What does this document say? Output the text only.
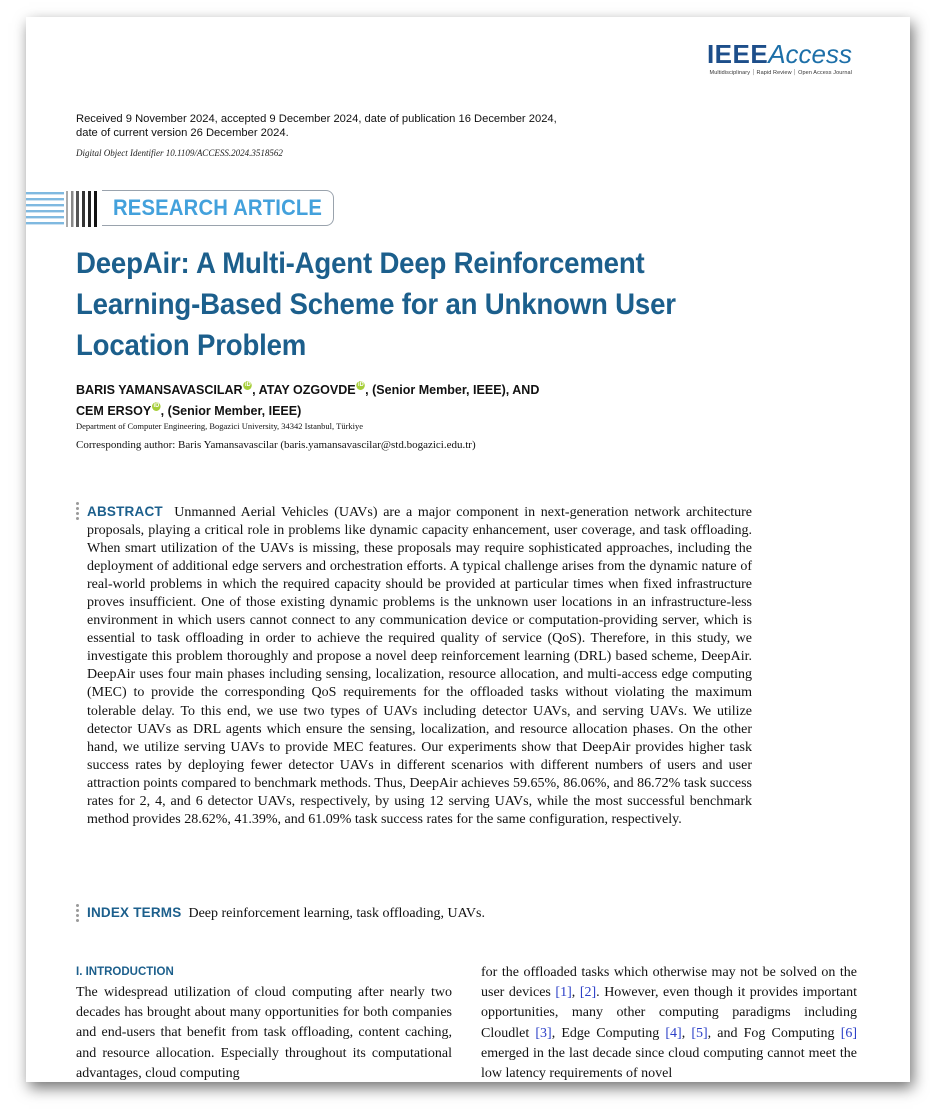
IEEEAccess
Multidisciplinary ⏐ Rapid Review ⏐ Open Access Journal
Received 9 November 2024, accepted 9 December 2024, date of publication 16 December 2024, date of current version 26 December 2024.
Digital Object Identifier 10.1109/ACCESS.2024.3518562
RESEARCH ARTICLE
DeepAir: A Multi-Agent Deep Reinforcement Learning-Based Scheme for an Unknown User Location Problem
BARIS YAMANSAVASCILAR iD, ATAY OZGOVDE iD, (Senior Member, IEEE), AND
CEM ERSOY iD, (Senior Member, IEEE)
Department of Computer Engineering, Bogazici University, 34342 Istanbul, Türkiye
Corresponding author: Baris Yamansavascilar (baris.yamansavascilar@std.bogazici.edu.tr)
ABSTRACT Unmanned Aerial Vehicles (UAVs) are a major component in next-generation network architecture proposals, playing a critical role in problems like dynamic capacity enhancement, user coverage, and task offloading. When smart utilization of the UAVs is missing, these proposals may require sophisticated approaches, including the deployment of additional edge servers and orchestration efforts. A typical challenge arises from the dynamic nature of real-world problems in which the required capacity should be provided at particular times when fixed infrastructure proves insufficient. One of those existing dynamic problems is the unknown user locations in an infrastructure-less environment in which users cannot connect to any communication device or computation-providing server, which is essential to task offloading in order to achieve the required quality of service (QoS). Therefore, in this study, we investigate this problem thoroughly and propose a novel deep reinforcement learning (DRL) based scheme, DeepAir. DeepAir uses four main phases including sensing, localization, resource allocation, and multi-access edge computing (MEC) to provide the corresponding QoS requirements for the offloaded tasks without violating the maximum tolerable delay. To this end, we use two types of UAVs including detector UAVs, and serving UAVs. We utilize detector UAVs as DRL agents which ensure the sensing, localization, and resource allocation phases. On the other hand, we utilize serving UAVs to provide MEC features. Our experiments show that DeepAir provides higher task success rates by deploying fewer detector UAVs in different scenarios with different numbers of users and user attraction points compared to benchmark methods. Thus, DeepAir achieves 59.65%, 86.06%, and 86.72% task success rates for 2, 4, and 6 detector UAVs, respectively, by using 12 serving UAVs, while the most successful benchmark method provides 28.62%, 41.39%, and 61.09% task success rates for the same configuration, respectively.
INDEX TERMS Deep reinforcement learning, task offloading, UAVs.
I. INTRODUCTION
The widespread utilization of cloud computing after nearly two decades has brought about many opportunities for both companies and end-users that benefit from task offloading, content caching, and resource allocation. Especially throughout its computational advantages, cloud computing
for the offloaded tasks which otherwise may not be solved on the user devices [1], [2]. However, even though it provides important opportunities, many other computing paradigms including Cloudlet [3], Edge Computing [4], [5], and Fog Computing [6] emerged in the last decade since cloud computing cannot meet the low latency requirements of novel
